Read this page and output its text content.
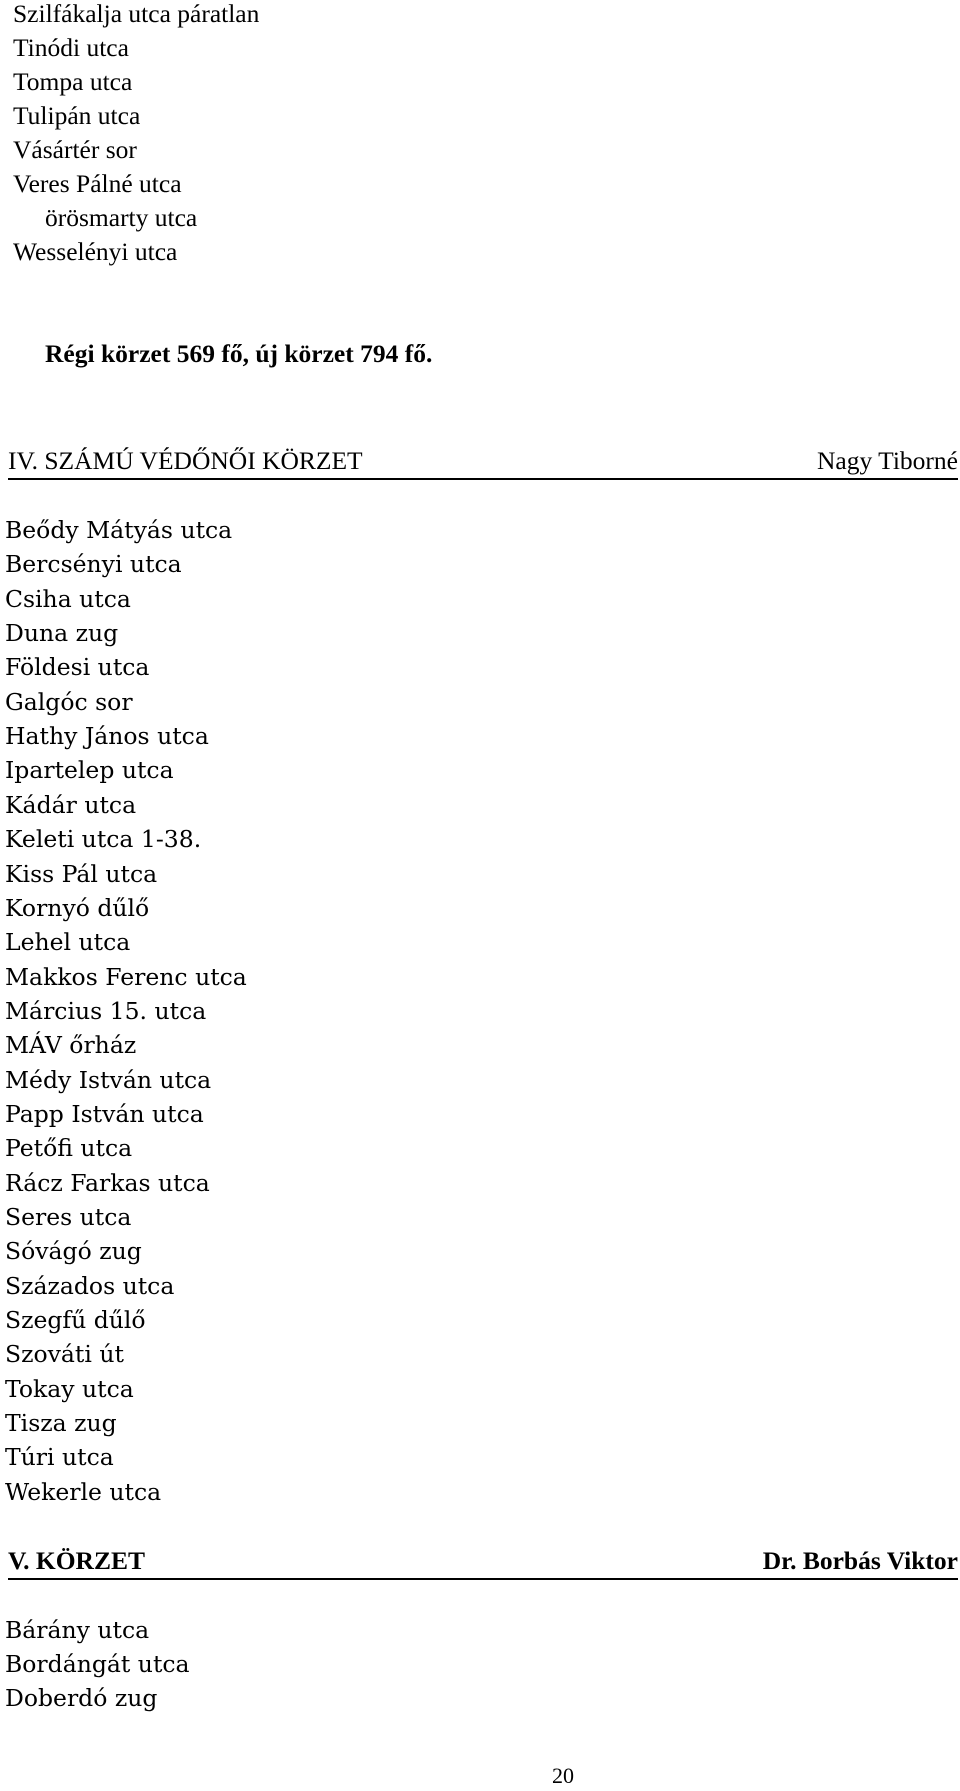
Szilfákalja utca páratlan
Tinódi utca
Tompa utca
Tulipán utca
Vásártér sor
Veres Pálné utca
örösmarty utca
Wesselényi utca
Régi körzet 569 fő, új körzet 794 fő.
IV. SZÁMÚ VÉDŐNŐI KÖRZET	Nagy Tiborné
Beődy Mátyás utca
Bercsényi utca
Csiha utca
Duna zug
Földesi utca
Galgóc sor
Hathy János utca
Ipartelep utca
Kádár utca
Keleti utca 1-38.
Kiss Pál utca
Kornyó dűlő
Lehel utca
Makkos Ferenc utca
Március 15. utca
MÁV őrház
Médy István utca
Papp István utca
Petőfi utca
Rácz Farkas utca
Seres utca
Sóvágó zug
Százados utca
Szegfű dűlő
Szováti út
Tokay utca
Tisza zug
Túri utca
Wekerle utca
V. KÖRZET	Dr. Borbás Viktor
Bárány utca
Bordángát utca
Doberdó zug
20
